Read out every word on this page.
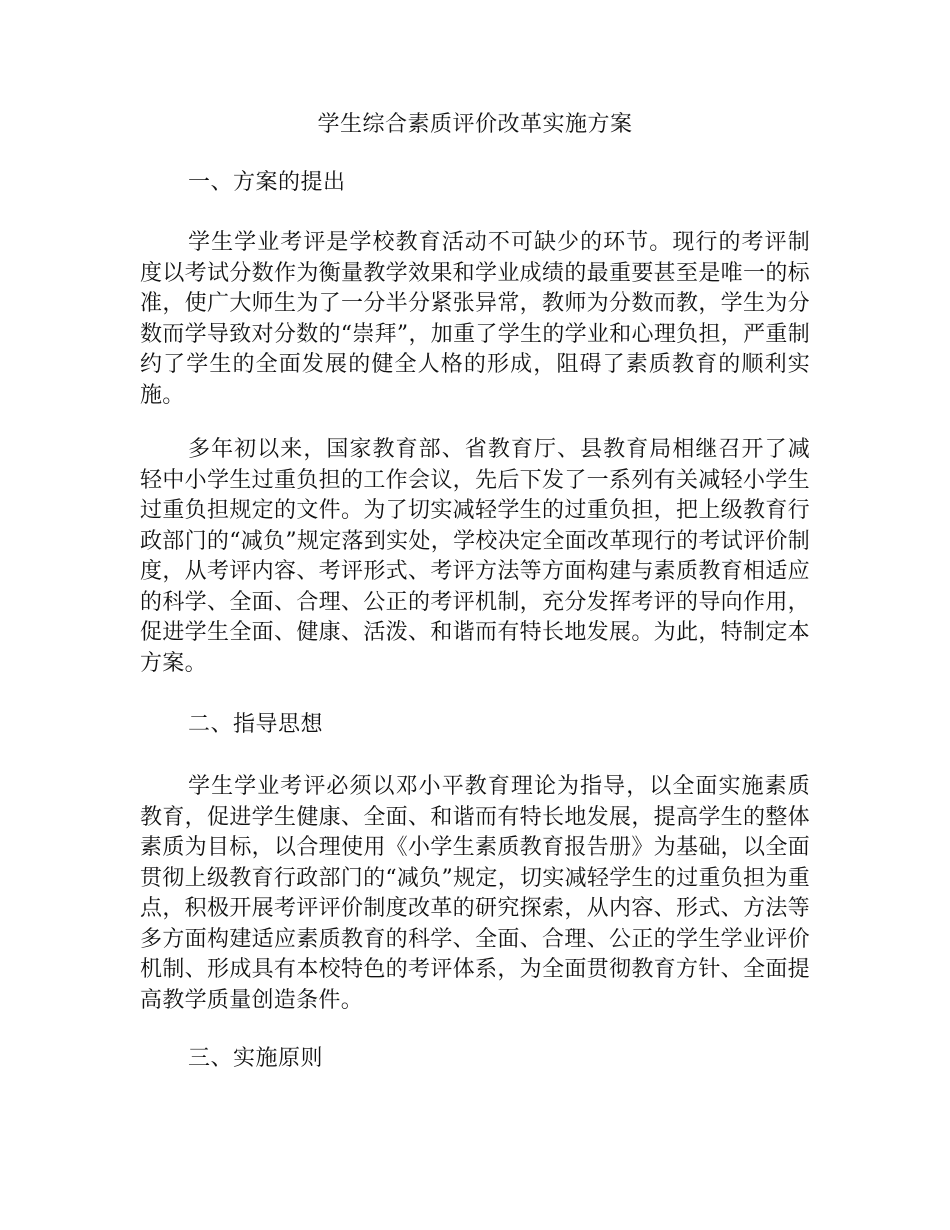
学生综合素质评价改革实施方案
一、方案的提出

学生学业考评是学校教育活动不可缺少的环节。现行的考评制度以考试分数作为衡量教学效果和学业成绩的最重要甚至是唯一的标准，使广大师生为了一分半分紧张异常，教师为分数而教，学生为分数而学导致对分数的“崇拜”，加重了学生的学业和心理负担，严重制约了学生的全面发展的健全人格的形成，阻碍了素质教育的顺利实施。

多年初以来，国家教育部、省教育厅、县教育局相继召开了减轻中小学生过重负担的工作会议，先后下发了一系列有关减轻小学生过重负担规定的文件。为了切实减轻学生的过重负担，把上级教育行政部门的“减负”规定落到实处，学校决定全面改革现行的考试评价制度，从考评内容、考评形式、考评方法等方面构建与素质教育相适应的科学、全面、合理、公正的考评机制，充分发挥考评的导向作用，促进学生全面、健康、活泼、和谐而有特长地发展。为此，特制定本方案。

二、指导思想

学生学业考评必须以邓小平教育理论为指导，以全面实施素质教育，促进学生健康、全面、和谐而有特长地发展，提高学生的整体素质为目标，以合理使用《小学生素质教育报告册》为基础，以全面贯彻上级教育行政部门的“减负”规定，切实减轻学生的过重负担为重点，积极开展考评评价制度改革的研究探索，从内容、形式、方法等多方面构建适应素质教育的科学、全面、合理、公正的学生学业评价机制、形成具有本校特色的考评体系，为全面贯彻教育方针、全面提高教学质量创造条件。

三、实施原则
